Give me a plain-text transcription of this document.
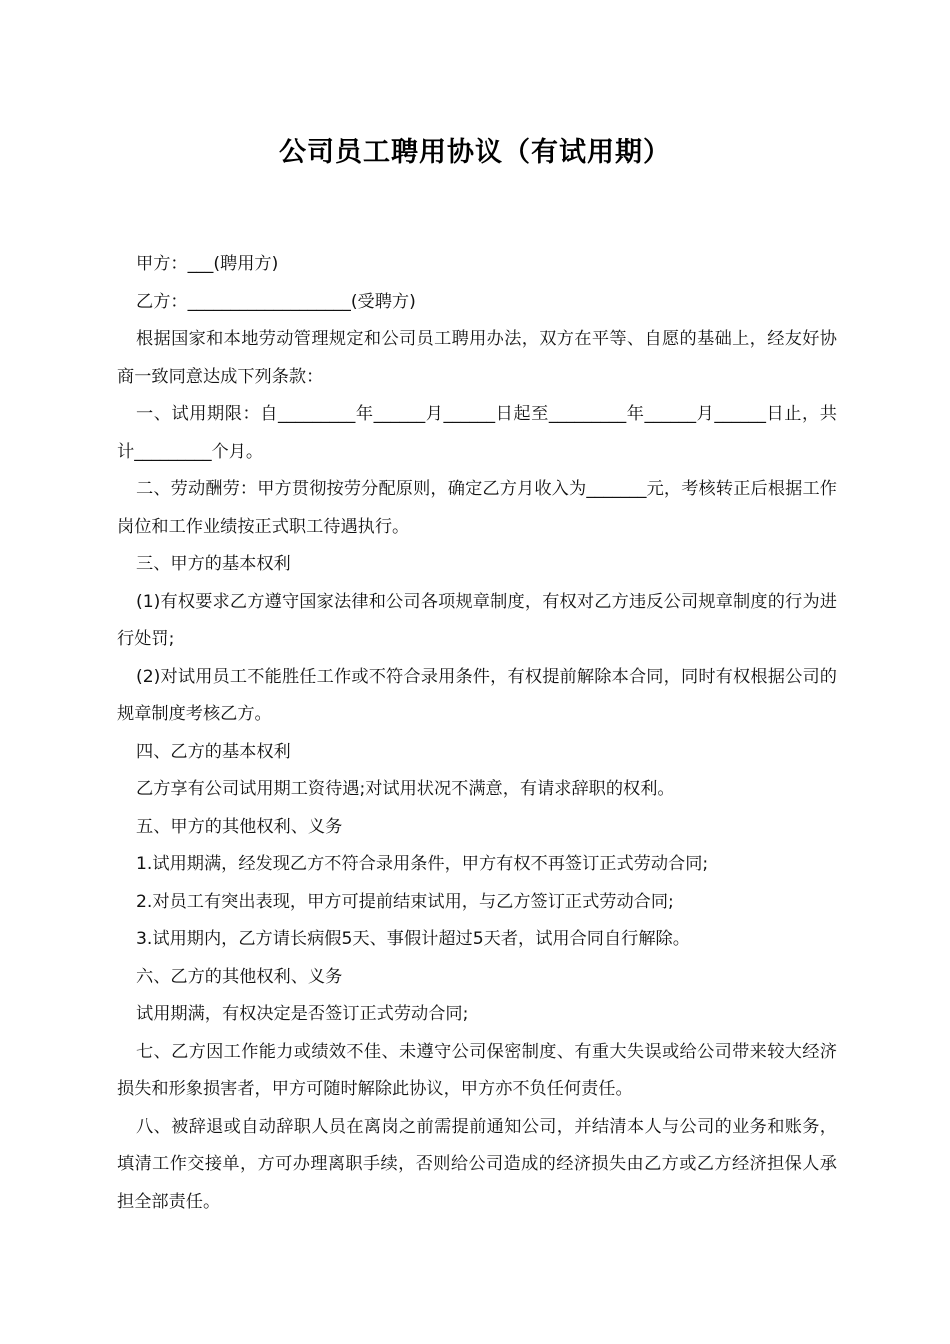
公司员工聘用协议（有试用期）

甲方：___(聘用方)

乙方：___________________(受聘方)

根据国家和本地劳动管理规定和公司员工聘用办法，双方在平等、自愿的基础上，经友好协商一致同意达成下列条款：

一、试用期限：自_________年______月______日起至_________年______月______日止，共计_________个月。

二、劳动酬劳：甲方贯彻按劳分配原则，确定乙方月收入为_______元，考核转正后根据工作岗位和工作业绩按正式职工待遇执行。

三、甲方的基本权利

(1)有权要求乙方遵守国家法律和公司各项规章制度，有权对乙方违反公司规章制度的行为进行处罚;

(2)对试用员工不能胜任工作或不符合录用条件，有权提前解除本合同，同时有权根据公司的规章制度考核乙方。

四、乙方的基本权利

乙方享有公司试用期工资待遇;对试用状况不满意，有请求辞职的权利。

五、甲方的其他权利、义务

1.试用期满，经发现乙方不符合录用条件，甲方有权不再签订正式劳动合同;

2.对员工有突出表现，甲方可提前结束试用，与乙方签订正式劳动合同;

3.试用期内，乙方请长病假5天、事假计超过5天者，试用合同自行解除。

六、乙方的其他权利、义务

试用期满，有权决定是否签订正式劳动合同;

七、乙方因工作能力或绩效不佳、未遵守公司保密制度、有重大失误或给公司带来较大经济损失和形象损害者，甲方可随时解除此协议，甲方亦不负任何责任。

八、被辞退或自动辞职人员在离岗之前需提前通知公司，并结清本人与公司的业务和账务，填清工作交接单，方可办理离职手续，否则给公司造成的经济损失由乙方或乙方经济担保人承担全部责任。
